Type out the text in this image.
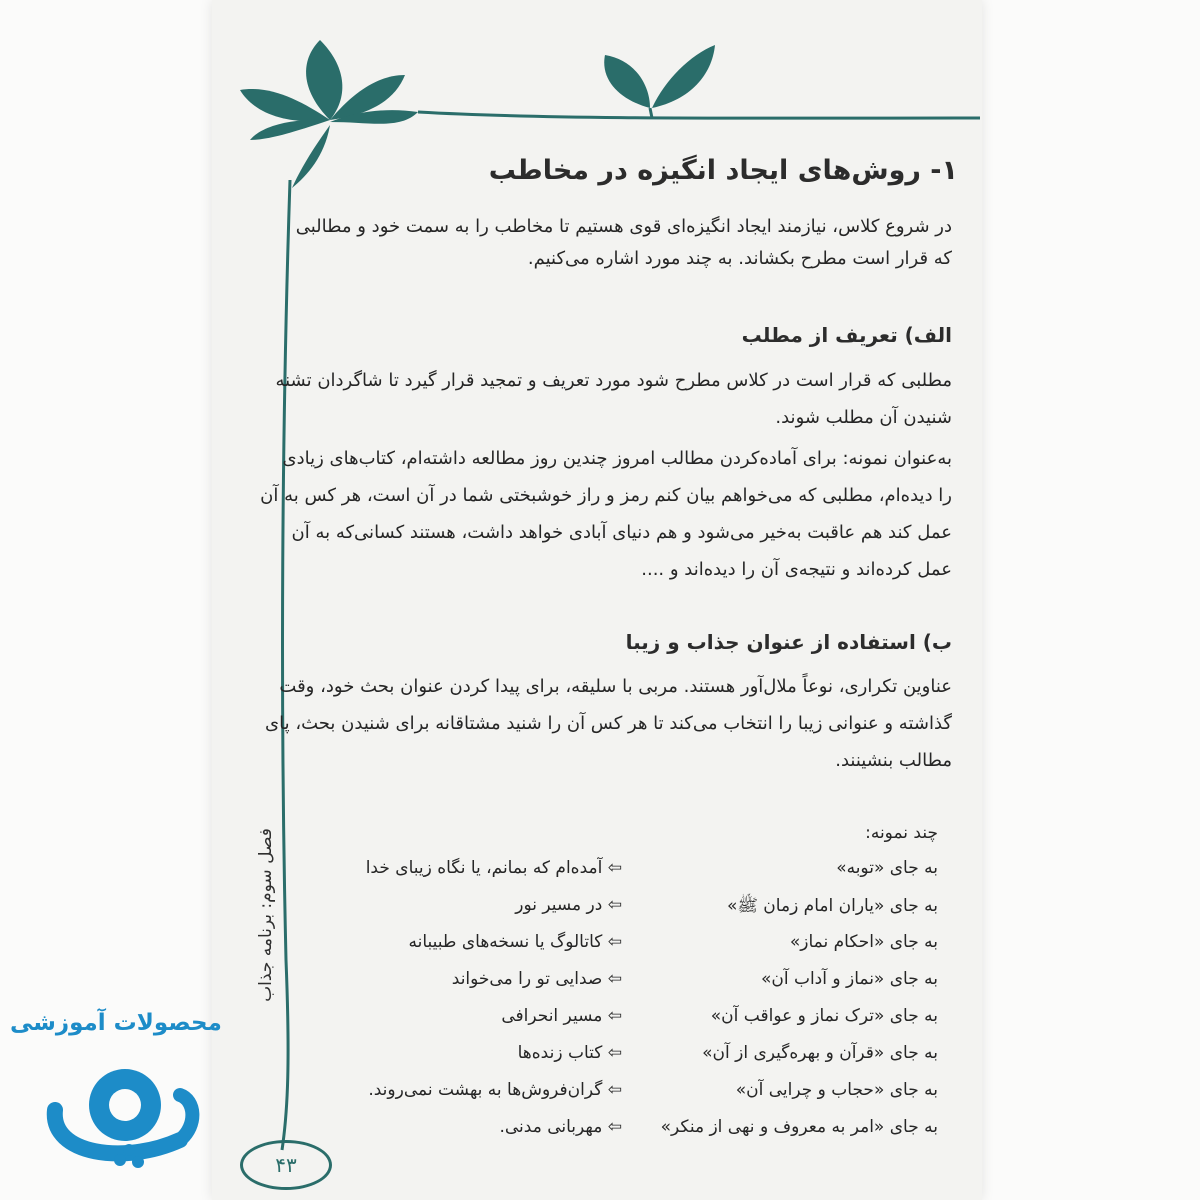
۱- روش‌های ایجاد انگیزه در مخاطب
در شروع کلاس، نیازمند ایجاد انگیزه‌ای قوی هستیم تا مخاطب را به سمت خود و مطالبی
که قرار است مطرح بکشاند. به چند مورد اشاره می‌کنیم.
الف) تعریف از مطلب
مطلبی که قرار است در کلاس مطرح شود مورد تعریف و تمجید قرار گیرد تا شاگردان تشنه
شنیدن آن مطلب شوند.
به‌عنوان نمونه: برای آماده‌کردن مطالب امروز چندین روز مطالعه داشته‌ام، کتاب‌های زیادی
را دیده‌ام، مطلبی که می‌خواهم بیان کنم رمز و راز خوشبختی شما در آن است، هر کس به آن
عمل کند هم عاقبت به‌خیر می‌شود و هم دنیای آبادی خواهد داشت، هستند کسانی‌که به آن
عمل کرده‌اند و نتیجه‌ی آن را دیده‌اند و ....
ب) استفاده از عنوان جذاب و زیبا
عناوین تکراری، نوعاً ملال‌آور هستند. مربی با سلیقه، برای پیدا کردن عنوان بحث خود، وقت
گذاشته و عنوانی زیبا را انتخاب می‌کند تا هر کس آن را شنید مشتاقانه برای شنیدن بحث، پای
مطالب بنشینند.
چند نمونه:
به جای «توبه»
به جای «یاران امام زمان ﷺ»
به جای «احکام نماز»
به جای «نماز و آداب آن»
به جای «ترک نماز و عواقب آن»
به جای «قرآن و بهره‌گیری از آن»
به جای «حجاب و چرایی آن»
به جای «امر به معروف و نهی از منکر»
⇦ آمده‌ام که بمانم، یا نگاه زیبای خدا
⇦ در مسیر نور
⇦ کاتالوگ یا نسخه‌های طبیبانه
⇦ صدایی تو را می‌خواند
⇦ مسیر انحرافی
⇦ کتاب زنده‌ها
⇦ گران‌فروش‌ها به بهشت نمی‌روند.
⇦ مهربانی مدنی.
فصل سوم: برنامه جذاب
۴۳
محصولات آموزشی
